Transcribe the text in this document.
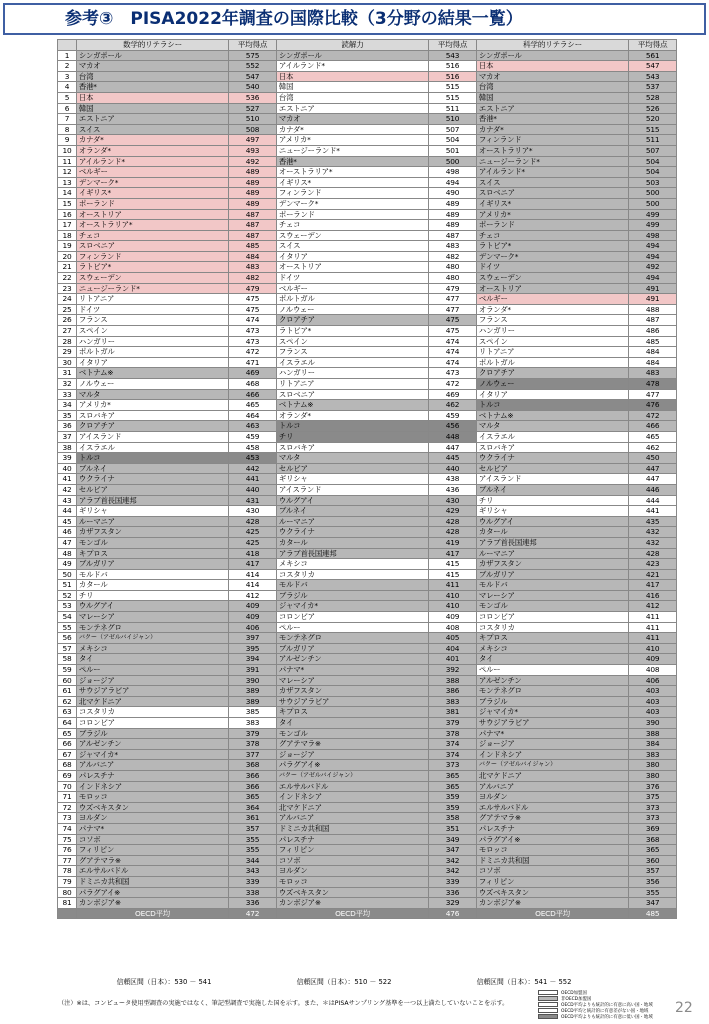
参考③　PISA2022年調査の国際比較（3分野の結果一覧）
	数学的リテラシー	平均得点	読解力	平均得点	科学的リテラシー	平均得点
1	シンガポール	575	シンガポール	543	シンガポール	561
2	マカオ	552	アイルランド*	516	日本	547
3	台湾	547	日本	516	マカオ	543
4	香港*	540	韓国	515	台湾	537
5	日本	536	台湾	515	韓国	528
6	韓国	527	エストニア	511	エストニア	526
7	エストニア	510	マカオ	510	香港*	520
8	スイス	508	カナダ*	507	カナダ*	515
9	カナダ*	497	アメリカ*	504	フィンランド	511
10	オランダ*	493	ニュージーランド*	501	オーストラリア*	507
11	アイルランド*	492	香港*	500	ニュージーランド*	504
12	ベルギー	489	オーストラリア*	498	アイルランド*	504
13	デンマーク*	489	イギリス*	494	スイス	503
14	イギリス*	489	フィンランド	490	スロベニア	500
15	ポーランド	489	デンマーク*	489	イギリス*	500
16	オーストリア	487	ポーランド	489	アメリカ*	499
17	オーストラリア*	487	チェコ	489	ポーランド	499
18	チェコ	487	スウェーデン	487	チェコ	498
19	スロベニア	485	スイス	483	ラトビア*	494
20	フィンランド	484	イタリア	482	デンマーク*	494
21	ラトビア*	483	オーストリア	480	ドイツ	492
22	スウェーデン	482	ドイツ	480	スウェーデン	494
23	ニュージーランド*	479	ベルギー	479	オーストリア	491
24	リトアニア	475	ポルトガル	477	ベルギー	491
25	ドイツ	475	ノルウェー	477	オランダ*	488
26	フランス	474	クロアチア	475	フランス	487
27	スペイン	473	ラトビア*	475	ハンガリー	486
28	ハンガリー	473	スペイン	474	スペイン	485
29	ポルトガル	472	フランス	474	リトアニア	484
30	イタリア	471	イスラエル	474	ポルトガル	484
31	ベトナム※	469	ハンガリー	473	クロアチア	483
32	ノルウェー	468	リトアニア	472	ノルウェー	478
33	マルタ	466	スロベニア	469	イタリア	477
34	アメリカ*	465	ベトナム※	462	トルコ	476
35	スロバキア	464	オランダ*	459	ベトナム※	472
36	クロアチア	463	トルコ	456	マルタ	466
37	アイスランド	459	チリ	448	イスラエル	465
38	イスラエル	458	スロバキア	447	スロバキア	462
39	トルコ	453	マルタ	445	ウクライナ	450
40	ブルネイ	442	セルビア	440	セルビア	447
41	ウクライナ	441	ギリシャ	438	アイスランド	447
42	セルビア	440	アイスランド	436	ブルネイ	446
43	アラブ首長国連邦	431	ウルグアイ	430	チリ	444
44	ギリシャ	430	ブルネイ	429	ギリシャ	441
45	ルーマニア	428	ルーマニア	428	ウルグアイ	435
46	カザフスタン	425	ウクライナ	428	カタール	432
47	モンゴル	425	カタール	419	アラブ首長国連邦	432
48	キプロス	418	アラブ首長国連邦	417	ルーマニア	428
49	ブルガリア	417	メキシコ	415	カザフスタン	423
50	モルドバ	414	コスタリカ	415	ブルガリア	421
51	カタール	414	モルドバ	411	モルドバ	417
52	チリ	412	ブラジル	410	マレーシア	416
53	ウルグアイ	409	ジャマイカ*	410	モンゴル	412
54	マレーシア	409	コロンビア	409	コロンビア	411
55	モンテネグロ	406	ペルー	408	コスタリカ	411
56	バクー（アゼルバイジャン）	397	モンテネグロ	405	キプロス	411
57	メキシコ	395	ブルガリア	404	メキシコ	410
58	タイ	394	アルゼンチン	401	タイ	409
59	ペルー	391	パナマ*	392	ペルー	408
60	ジョージア	390	マレーシア	388	アルゼンチン	406
61	サウジアラビア	389	カザフスタン	386	モンテネグロ	403
62	北マケドニア	389	サウジアラビア	383	ブラジル	403
63	コスタリカ	385	キプロス	381	ジャマイカ*	403
64	コロンビア	383	タイ	379	サウジアラビア	390
65	ブラジル	379	モンゴル	378	パナマ*	388
66	アルゼンチン	378	グアテマラ※	374	ジョージア	384
67	ジャマイカ*	377	ジョージア	374	インドネシア	383
68	アルバニア	368	パラグアイ※	373	バクー（アゼルバイジャン）	380
69	パレスチナ	366	バクー（アゼルバイジャン）	365	北マケドニア	380
70	インドネシア	366	エルサルバドル	365	アルバニア	376
71	モロッコ	365	インドネシア	359	ヨルダン	375
72	ウズベキスタン	364	北マケドニア	359	エルサルバドル	373
73	ヨルダン	361	アルバニア	358	グアテマラ※	373
74	パナマ*	357	ドミニカ共和国	351	パレスチナ	369
75	コソボ	355	パレスチナ	349	パラグアイ※	368
76	フィリピン	355	フィリピン	347	モロッコ	365
77	グアテマラ※	344	コソボ	342	ドミニカ共和国	360
78	エルサルバドル	343	ヨルダン	342	コソボ	357
79	ドミニカ共和国	339	モロッコ	339	フィリピン	356
80	パラグアイ※	338	ウズベキスタン	336	ウズベキスタン	355
81	カンボジア※	336	カンボジア※	329	カンボジア※	347
	OECD平均	472	OECD平均	476	OECD平均	485
信頼区間（日本）：530 － 541	信頼区間（日本）：510 － 522	信頼区間（日本）：541 － 552
（注）※は、コンピュータ使用型調査の実施ではなく、筆記型調査で実施した国を示す。また、＊はPISAサンプリング基準を一つ以上満たしていないことを示す。
OECD加盟国
非OECD加盟国
OECD平均よりも統計的に有意に高い国・地域
OECD平均と統計的に有意差がない国・地域
OECD平均よりも統計的に有意に低い国・地域
22
